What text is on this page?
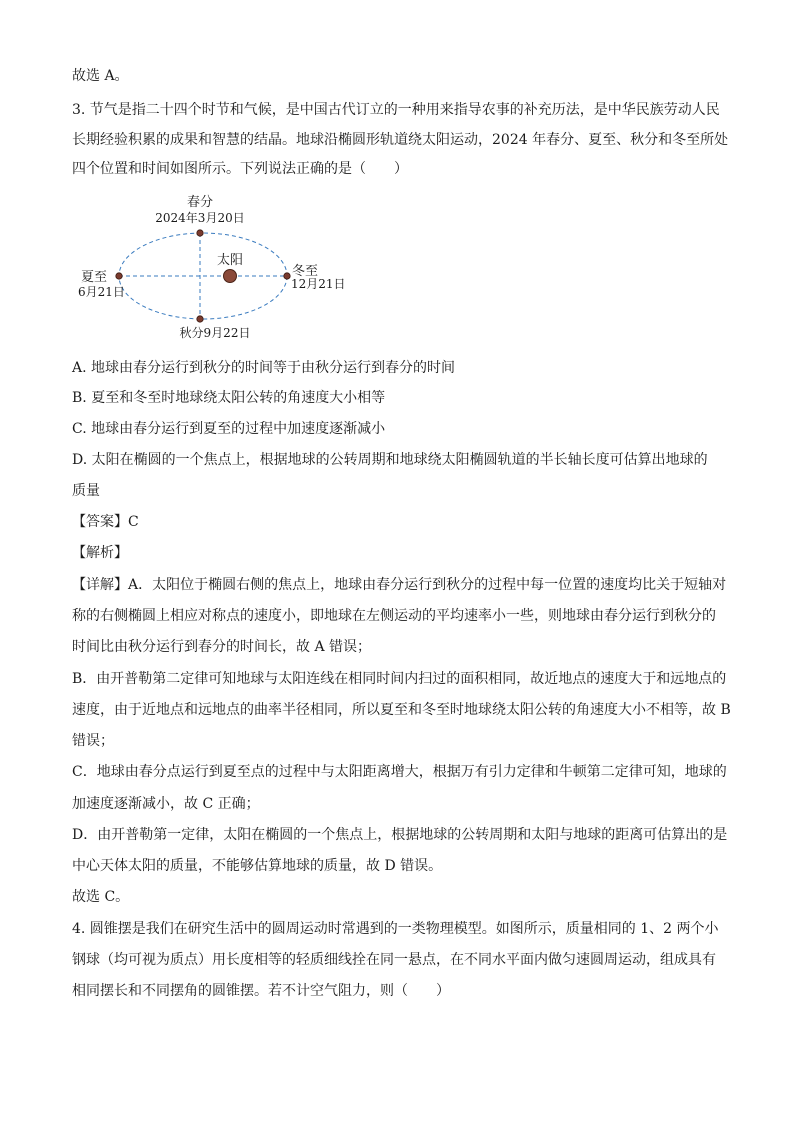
故选 A。
3. 节气是指二十四个时节和气候，是中国古代订立的一种用来指导农事的补充历法，是中华民族劳动人民
长期经验积累的成果和智慧的结晶。地球沿椭圆形轨道绕太阳运动，2024 年春分、夏至、秋分和冬至所处
四个位置和时间如图所示。下列说法正确的是（　　）
春分
2024年3月20日
太阳
夏至
6月21日
冬至
12月21日
秋分9月22日
A. 地球由春分运行到秋分的时间等于由秋分运行到春分的时间
B. 夏至和冬至时地球绕太阳公转的角速度大小相等
C. 地球由春分运行到夏至的过程中加速度逐渐减小
D. 太阳在椭圆的一个焦点上，根据地球的公转周期和地球绕太阳椭圆轨道的半长轴长度可估算出地球的
质量
【答案】C
【解析】
【详解】A．太阳位于椭圆右侧的焦点上，地球由春分运行到秋分的过程中每一位置的速度均比关于短轴对
称的右侧椭圆上相应对称点的速度小，即地球在左侧运动的平均速率小一些，则地球由春分运行到秋分的
时间比由秋分运行到春分的时间长，故 A 错误；
B．由开普勒第二定律可知地球与太阳连线在相同时间内扫过的面积相同，故近地点的速度大于和远地点的
速度，由于近地点和远地点的曲率半径相同，所以夏至和冬至时地球绕太阳公转的角速度大小不相等，故 B
错误；
C．地球由春分点运行到夏至点的过程中与太阳距离增大，根据万有引力定律和牛顿第二定律可知，地球的
加速度逐渐减小，故 C 正确；
D．由开普勒第一定律，太阳在椭圆的一个焦点上，根据地球的公转周期和太阳与地球的距离可估算出的是
中心天体太阳的质量，不能够估算地球的质量，故 D 错误。
故选 C。
4. 圆锥摆是我们在研究生活中的圆周运动时常遇到的一类物理模型。如图所示，质量相同的 1、2 两个小
钢球（均可视为质点）用长度相等的轻质细线拴在同一悬点，在不同水平面内做匀速圆周运动，组成具有
相同摆长和不同摆角的圆锥摆。若不计空气阻力，则（　　）
